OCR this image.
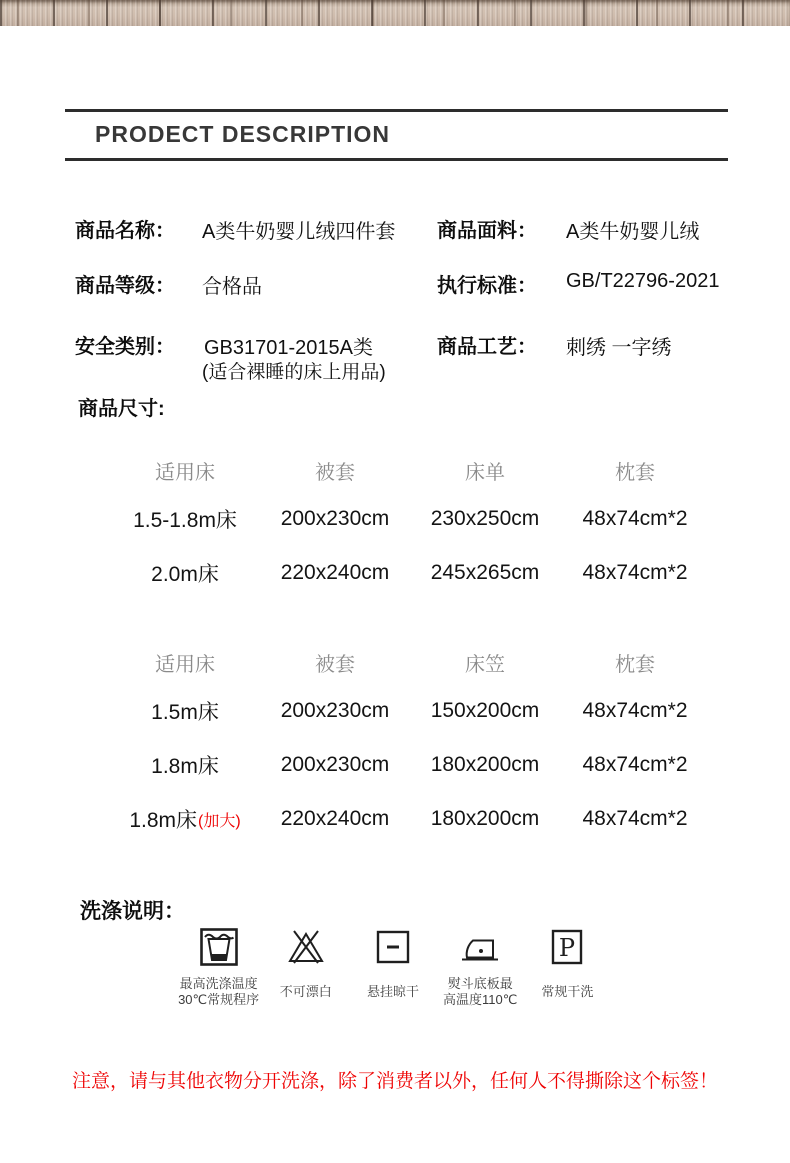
PRODECT DESCRIPTION
商品名称： A类牛奶婴儿绒四件套 商品面料： A类牛奶婴儿绒
商品等级： 合格品	执行标准： GB/T22796-2021
安全类别： GB31701-2015A类
(适合裸睡的床上用品)
商品工艺： 刺绣 一字绣
商品尺寸:
适用床	被套	床单	枕套
1.5-1.8m床	200x230cm	230x250cm	48x74cm*2
2.0m床	220x240cm	245x265cm	48x74cm*2
适用床	被套	床笠	枕套
1.5m床	200x230cm	150x200cm	48x74cm*2
1.8m床	200x230cm	180x200cm	48x74cm*2
1.8m床 (加大)	220x240cm	180x200cm	48x74cm*2
洗涤说明：
最高洗涤温度
30℃常规程序
不可漂白	悬挂晾干
熨斗底板最
高温度110℃
P
常规干洗
注意，请与其他衣物分开洗涤，除了消费者以外，任何人不得撕除这个标签！
